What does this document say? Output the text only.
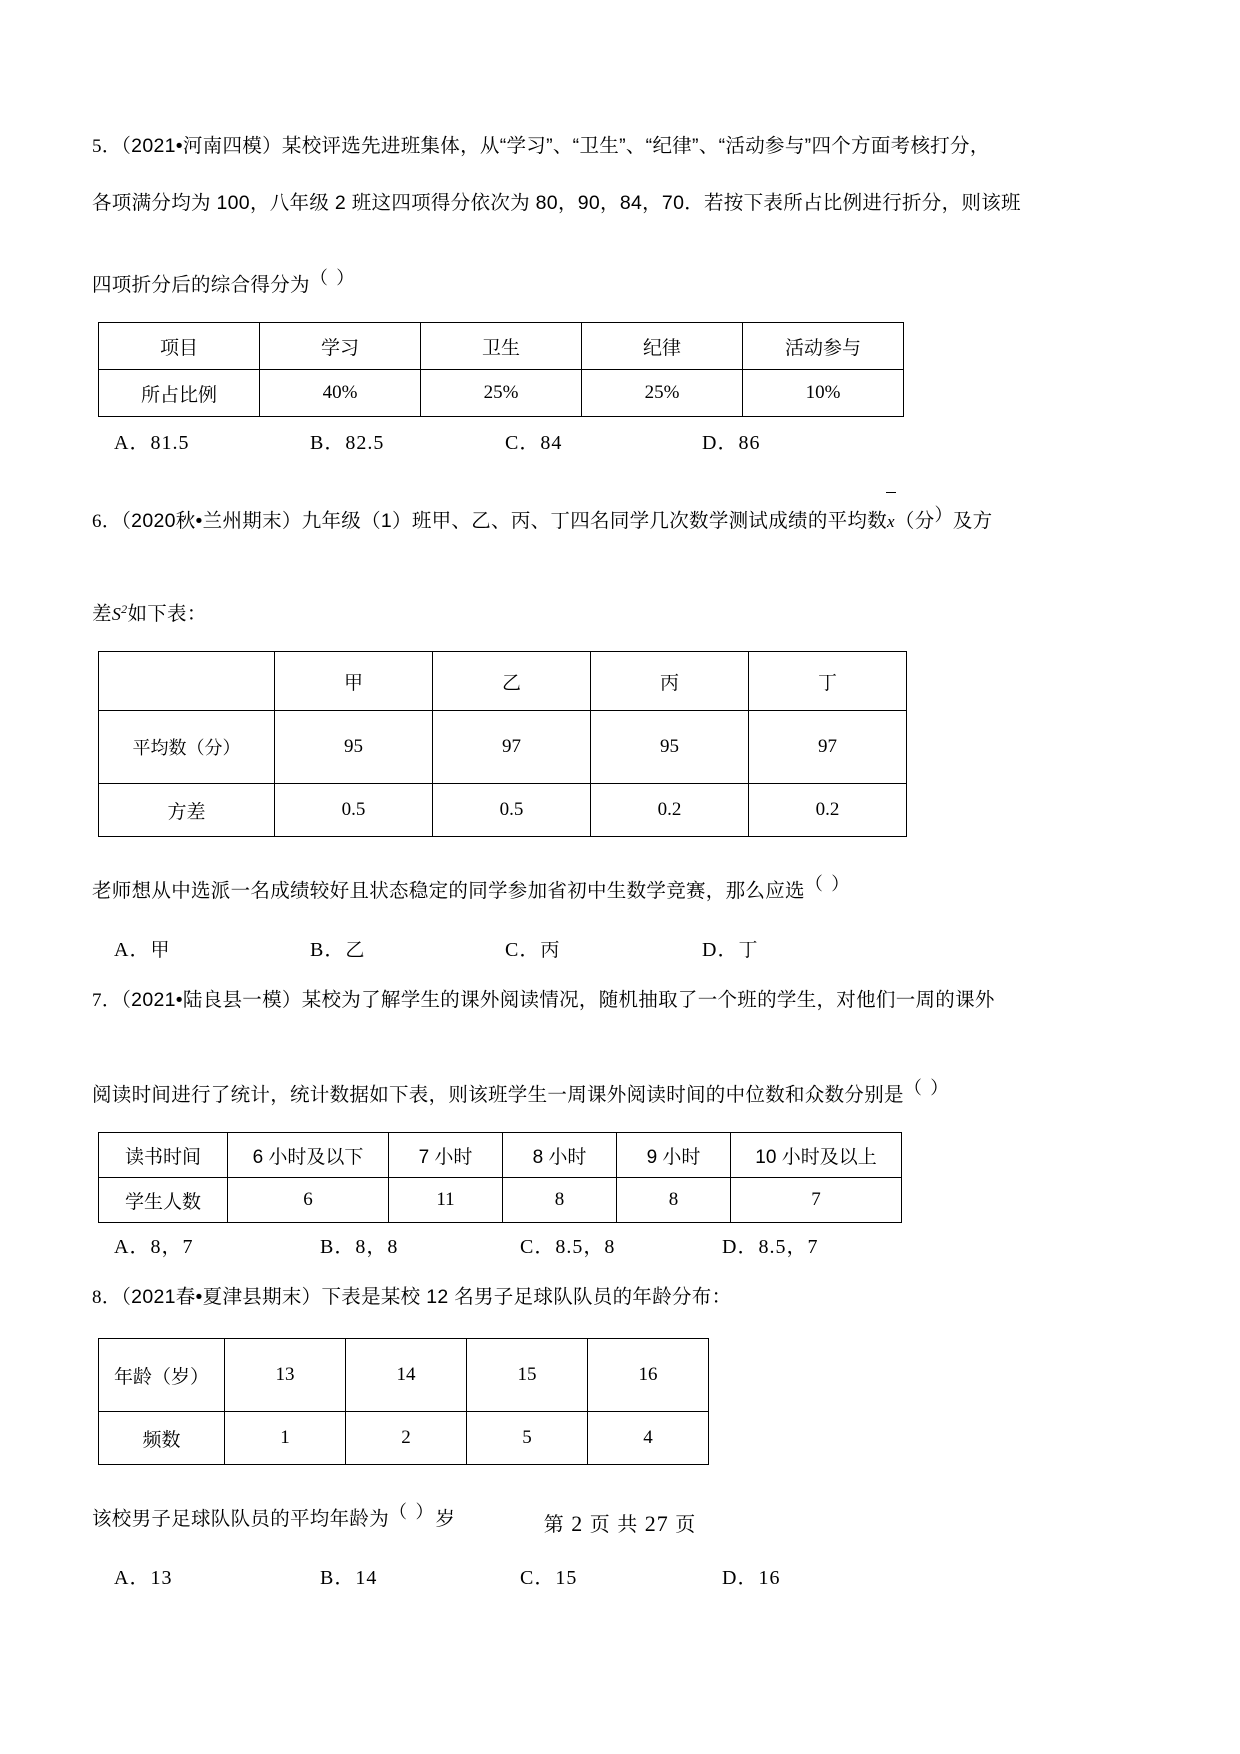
5．（2021•河南四模）某校评选先进班集体，从“学习”、“卫生”、“纪律”、“活动参与”四个方面考核打分，
各项满分均为 100，八年级 2 班这四项得分依次为 80，90，84，70．若按下表所占比例进行折分，则该班
四项折分后的综合得分为（ ）
项目	学习	卫生	纪律	活动参与
所占比例	40%	25%	25%	10%
A．81.5	B．82.5	C．84	D．86
6．（2020秋•兰州期末）九年级（1）班甲、乙、丙、丁四名同学几次数学测试成绩的平均数x（分）及方
差$S^2$如下表：
	甲	乙	丙	丁
平均数（分）	95	97	95	97
方差	0.5	0.5	0.2	0.2
老师想从中选派一名成绩较好且状态稳定的同学参加省初中生数学竞赛，那么应选（ ）
A．甲	B．乙	C．丙	D．丁
7．（2021•陆良县一模）某校为了解学生的课外阅读情况，随机抽取了一个班的学生，对他们一周的课外
阅读时间进行了统计，统计数据如下表，则该班学生一周课外阅读时间的中位数和众数分别是（ ）
读书时间	6 小时及以下	7 小时	8 小时	9 小时	10 小时及以上
学生人数	6	11	8	8	7
A．8，7	B．8，8	C．8.5，8	D．8.5，7
8．（2021春•夏津县期末）下表是某校 12 名男子足球队队员的年龄分布：
年龄（岁）	13	14	15	16
频数	1	2	5	4
该校男子足球队队员的平均年龄为（ ）岁
A．13	B．14	C．15	D．16
第 2 页 共 27 页
